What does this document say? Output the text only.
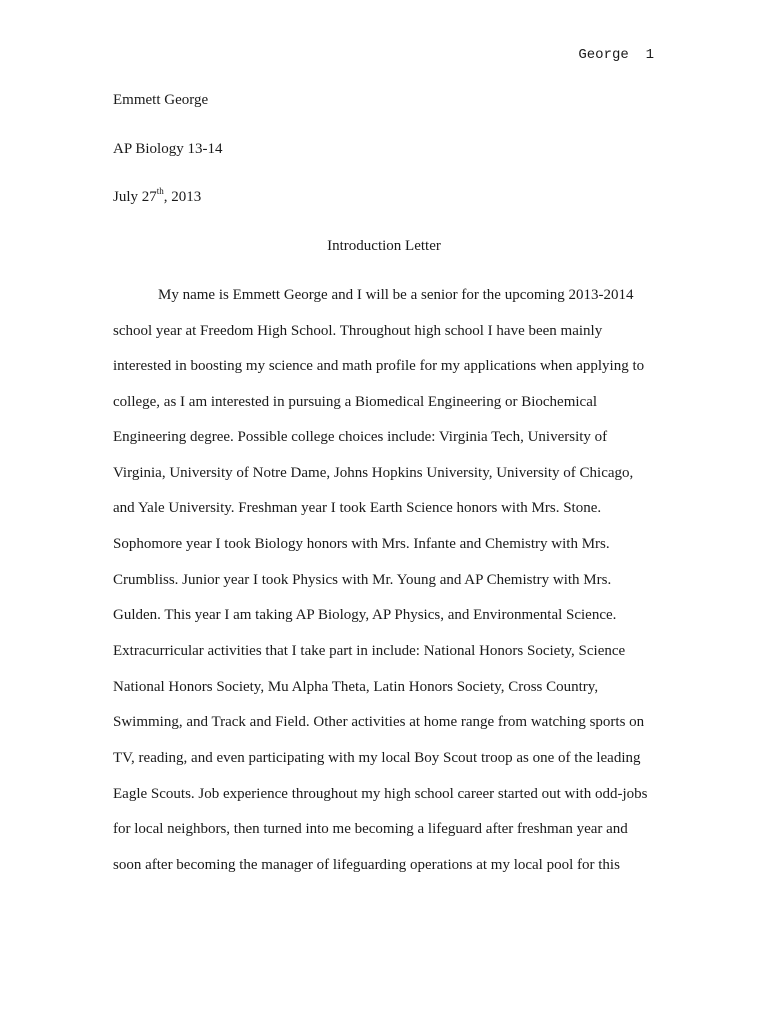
George 1
Emmett George
AP Biology 13-14
July 27th, 2013
Introduction Letter
My name is Emmett George and I will be a senior for the upcoming 2013-2014
school year at Freedom High School. Throughout high school I have been mainly
interested in boosting my science and math profile for my applications when applying to
college, as I am interested in pursuing a Biomedical Engineering or Biochemical
Engineering degree. Possible college choices include: Virginia Tech, University of
Virginia, University of Notre Dame, Johns Hopkins University, University of Chicago,
and Yale University. Freshman year I took Earth Science honors with Mrs. Stone.
Sophomore year I took Biology honors with Mrs. Infante and Chemistry with Mrs.
Crumbliss. Junior year I took Physics with Mr. Young and AP Chemistry with Mrs.
Gulden. This year I am taking AP Biology, AP Physics, and Environmental Science.
Extracurricular activities that I take part in include: National Honors Society, Science
National Honors Society, Mu Alpha Theta, Latin Honors Society, Cross Country,
Swimming, and Track and Field. Other activities at home range from watching sports on
TV, reading, and even participating with my local Boy Scout troop as one of the leading
Eagle Scouts. Job experience throughout my high school career started out with odd-jobs
for local neighbors, then turned into me becoming a lifeguard after freshman year and
soon after becoming the manager of lifeguarding operations at my local pool for this
